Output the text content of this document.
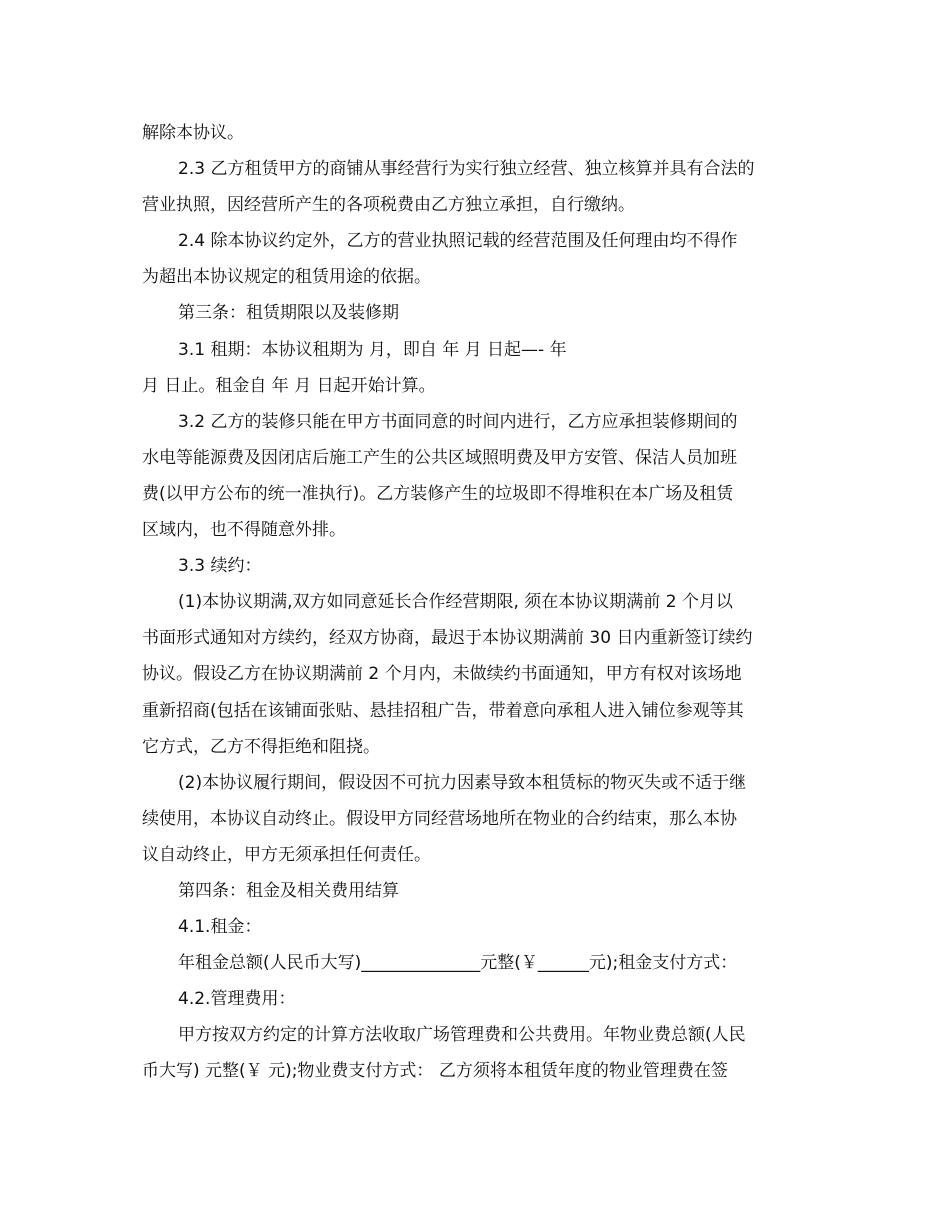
解除本协议。
2.3 乙方租赁甲方的商铺从事经营行为实行独立经营、独立核算并具有合法的
营业执照，因经营所产生的各项税费由乙方独立承担，自行缴纳。
2.4 除本协议约定外，乙方的营业执照记载的经营范围及任何理由均不得作
为超出本协议规定的租赁用途的依据。
第三条：租赁期限以及装修期
3.1 租期：本协议租期为 月，即自 年 月 日起—- 年
月 日止。租金自 年 月 日起开始计算。
3.2 乙方的装修只能在甲方书面同意的时间内进行，乙方应承担装修期间的
水电等能源费及因闭店后施工产生的公共区域照明费及甲方安管、保洁人员加班
费(以甲方公布的统一准执行)。乙方装修产生的垃圾即不得堆积在本广场及租赁
区域内，也不得随意外排。
3.3 续约：
(1)本协议期满,双方如同意延长合作经营期限, 须在本协议期满前 2 个月以
书面形式通知对方续约，经双方协商，最迟于本协议期满前 30 日内重新签订续约
协议。假设乙方在协议期满前 2 个月内，未做续约书面通知，甲方有权对该场地
重新招商(包括在该铺面张贴、悬挂招租广告，带着意向承租人进入铺位参观等其
它方式，乙方不得拒绝和阻挠。
(2)本协议履行期间，假设因不可抗力因素导致本租赁标的物灭失或不适于继
续使用，本协议自动终止。假设甲方同经营场地所在物业的合约结束，那么本协
议自动终止，甲方无须承担任何责任。
第四条：租金及相关费用结算
4.1.租金：
年租金总额(人民币大写)______________元整(￥______元);租金支付方式：
4.2.管理费用：
甲方按双方约定的计算方法收取广场管理费和公共费用。年物业费总额(人民
币大写) 元整(￥ 元);物业费支付方式： 乙方须将本租赁年度的物业管理费在签
